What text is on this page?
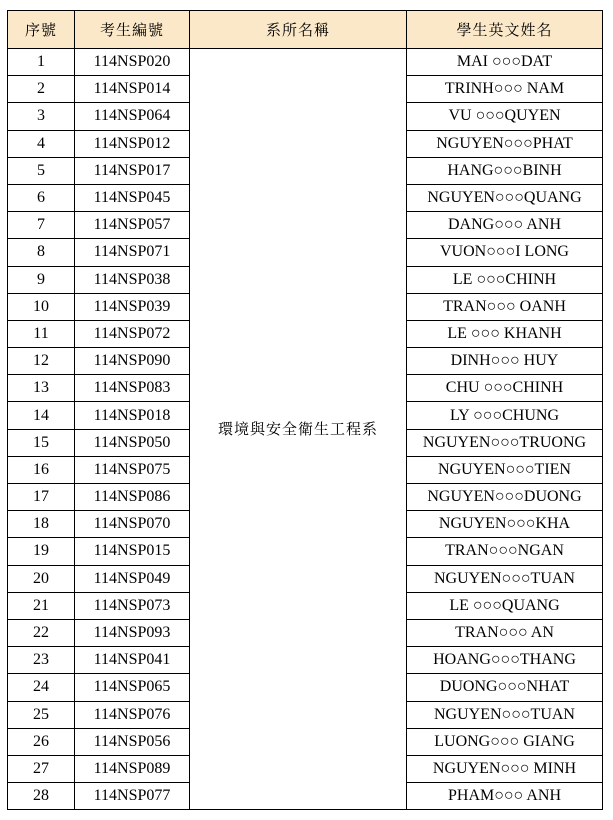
序號	考生編號	系所名稱	學生英文姓名
1	114NSP020	環境與安全衛生工程系	MAI ○○○DAT
2	114NSP014		TRINH○○○ NAM
3	114NSP064		VU ○○○QUYEN
4	114NSP012		NGUYEN○○○PHAT
5	114NSP017		HANG○○○BINH
6	114NSP045		NGUYEN○○○QUANG
7	114NSP057		DANG○○○ ANH
8	114NSP071		VUON○○○I LONG
9	114NSP038		LE ○○○CHINH
10	114NSP039		TRAN○○○ OANH
11	114NSP072		LE ○○○ KHANH
12	114NSP090		DINH○○○ HUY
13	114NSP083		CHU ○○○CHINH
14	114NSP018		LY ○○○CHUNG
15	114NSP050		NGUYEN○○○TRUONG
16	114NSP075		NGUYEN○○○TIEN
17	114NSP086		NGUYEN○○○DUONG
18	114NSP070		NGUYEN○○○KHA
19	114NSP015		TRAN○○○NGAN
20	114NSP049		NGUYEN○○○TUAN
21	114NSP073		LE ○○○QUANG
22	114NSP093		TRAN○○○ AN
23	114NSP041		HOANG○○○THANG
24	114NSP065		DUONG○○○NHAT
25	114NSP076		NGUYEN○○○TUAN
26	114NSP056		LUONG○○○ GIANG
27	114NSP089		NGUYEN○○○ MINH
28	114NSP077		PHAM○○○ ANH
